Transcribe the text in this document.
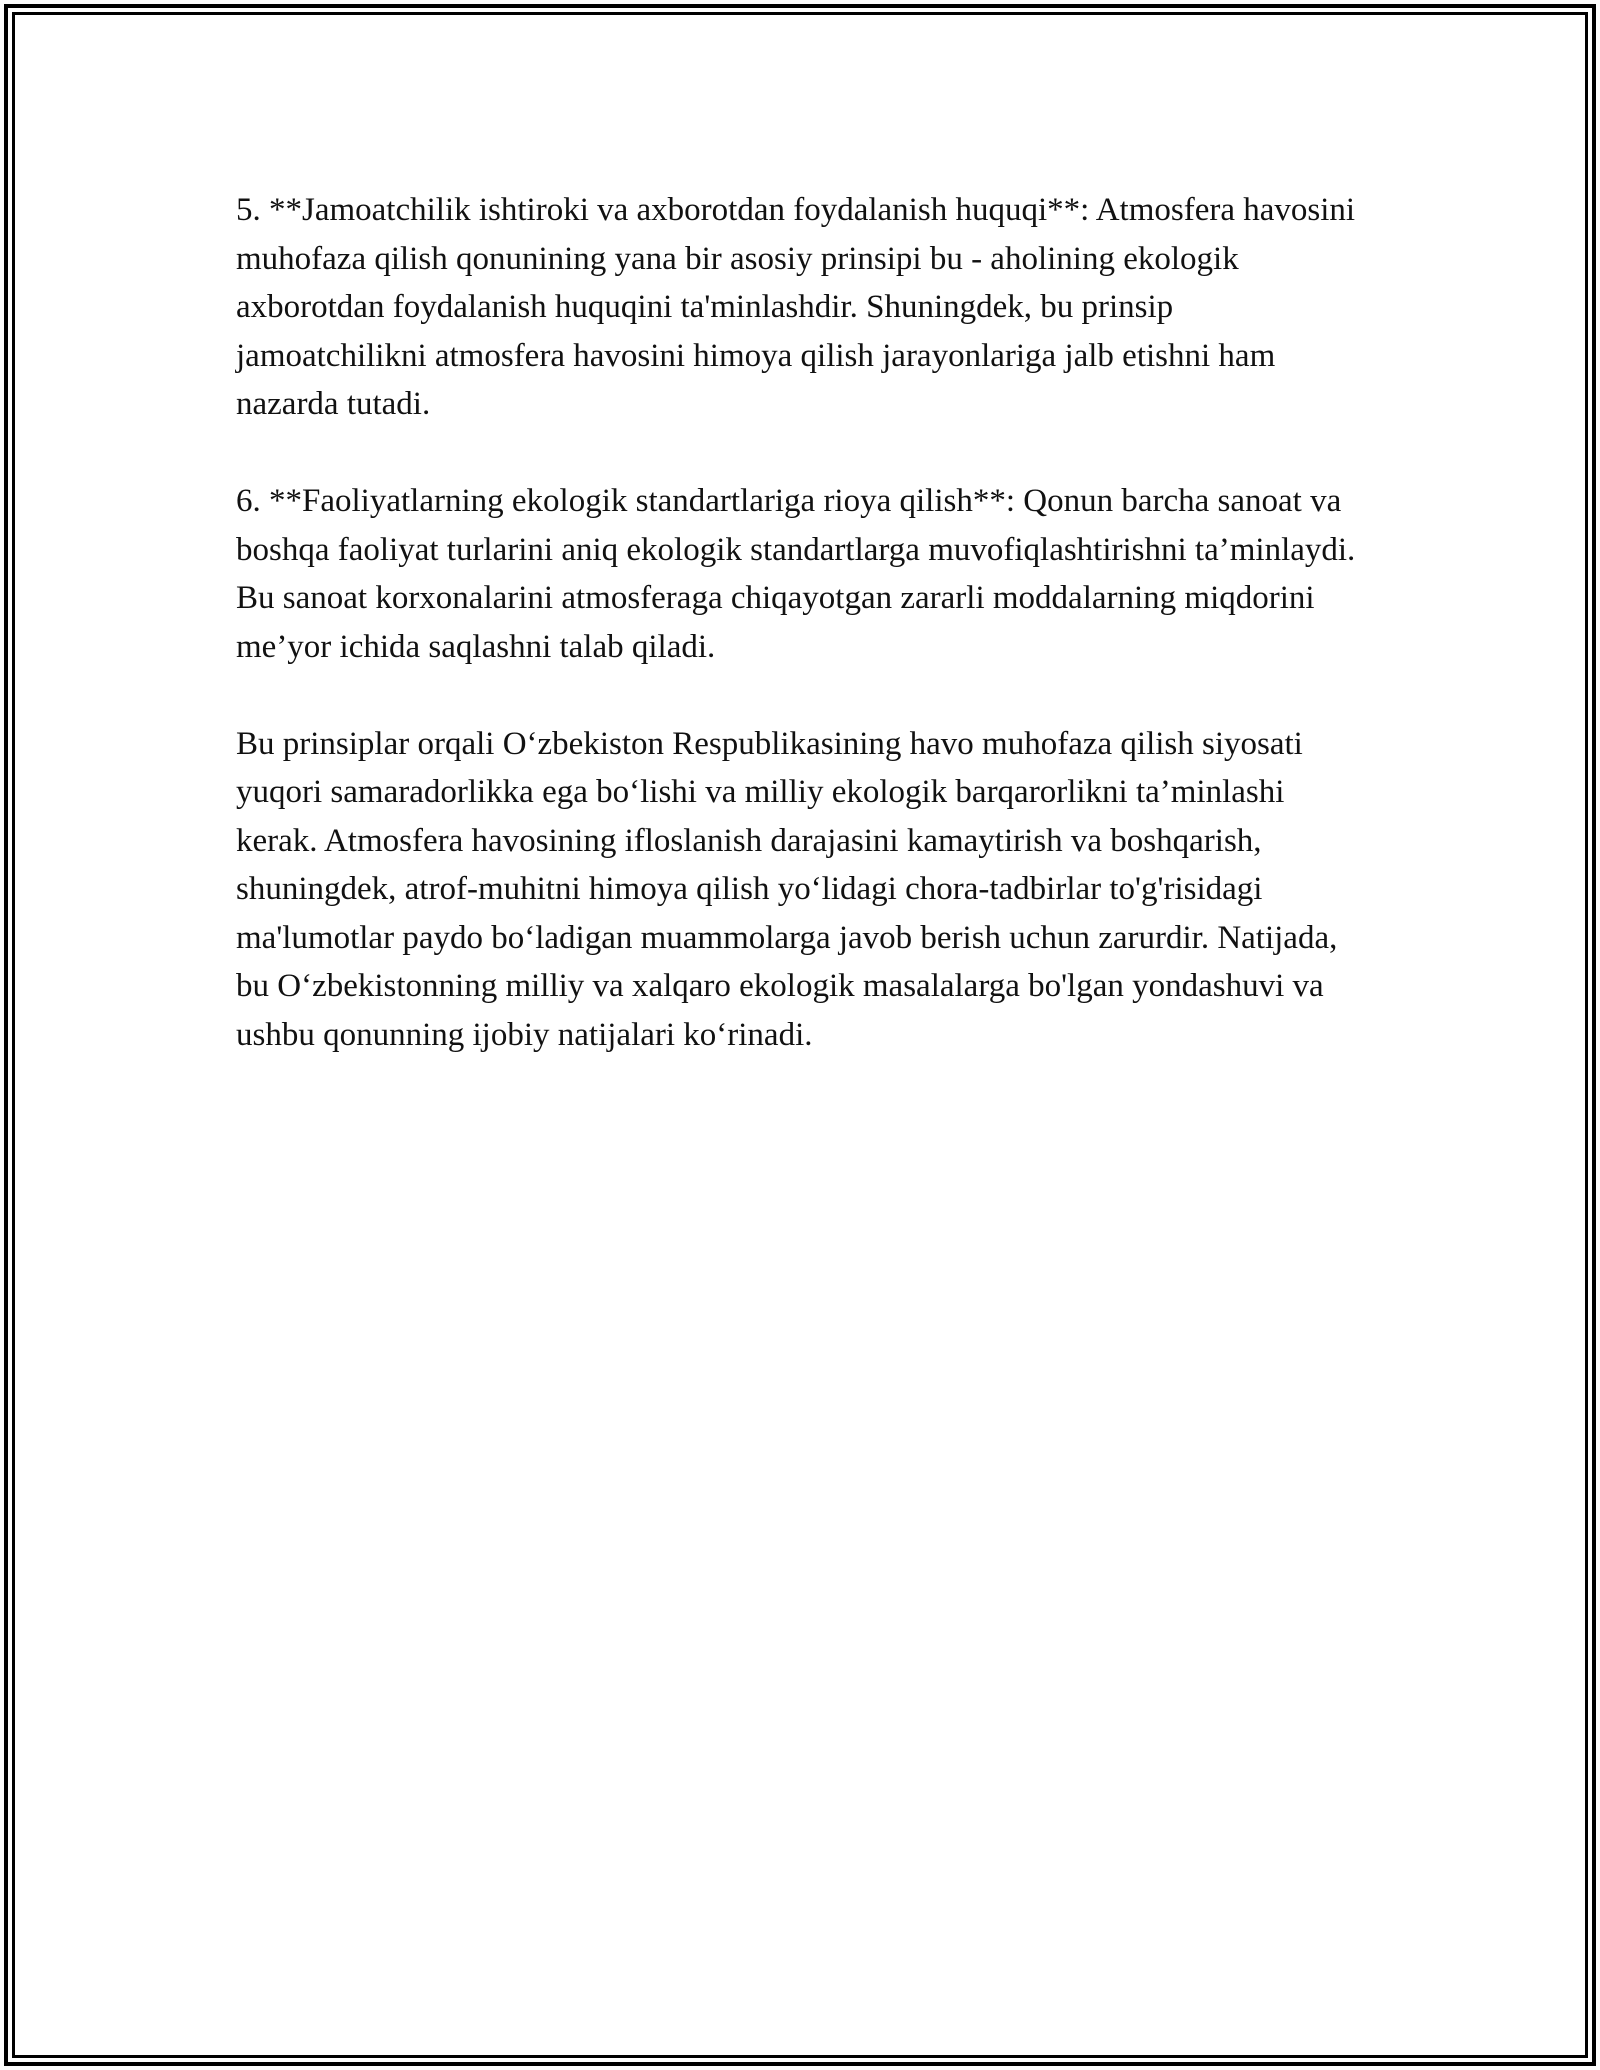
5. **Jamoatchilik ishtiroki va axborotdan foydalanish huquqi**: Atmosfera havosini muhofaza qilish qonunining yana bir asosiy prinsipi bu - aholining ekologik axborotdan foydalanish huquqini ta'minlashdir. Shuningdek, bu prinsip jamoatchilikni atmosfera havosini himoya qilish jarayonlariga jalb etishni ham nazarda tutadi.

6. **Faoliyatlarning ekologik standartlariga rioya qilish**: Qonun barcha sanoat va boshqa faoliyat turlarini aniq ekologik standartlarga muvofiqlashtirishni ta’minlaydi. Bu sanoat korxonalarini atmosferaga chiqayotgan zararli moddalarning miqdorini me’yor ichida saqlashni talab qiladi.

Bu prinsiplar orqali O‘zbekiston Respublikasining havo muhofaza qilish siyosati yuqori samaradorlikka ega bo‘lishi va milliy ekologik barqarorlikni ta’minlashi kerak. Atmosfera havosining ifloslanish darajasini kamaytirish va boshqarish, shuningdek, atrof-muhitni himoya qilish yo‘lidagi chora-tadbirlar to'g'risidagi ma'lumotlar paydo bo‘ladigan muammolarga javob berish uchun zarurdir. Natijada, bu O‘zbekistonning milliy va xalqaro ekologik masalalarga bo'lgan yondashuvi va ushbu qonunning ijobiy natijalari ko‘rinadi.
